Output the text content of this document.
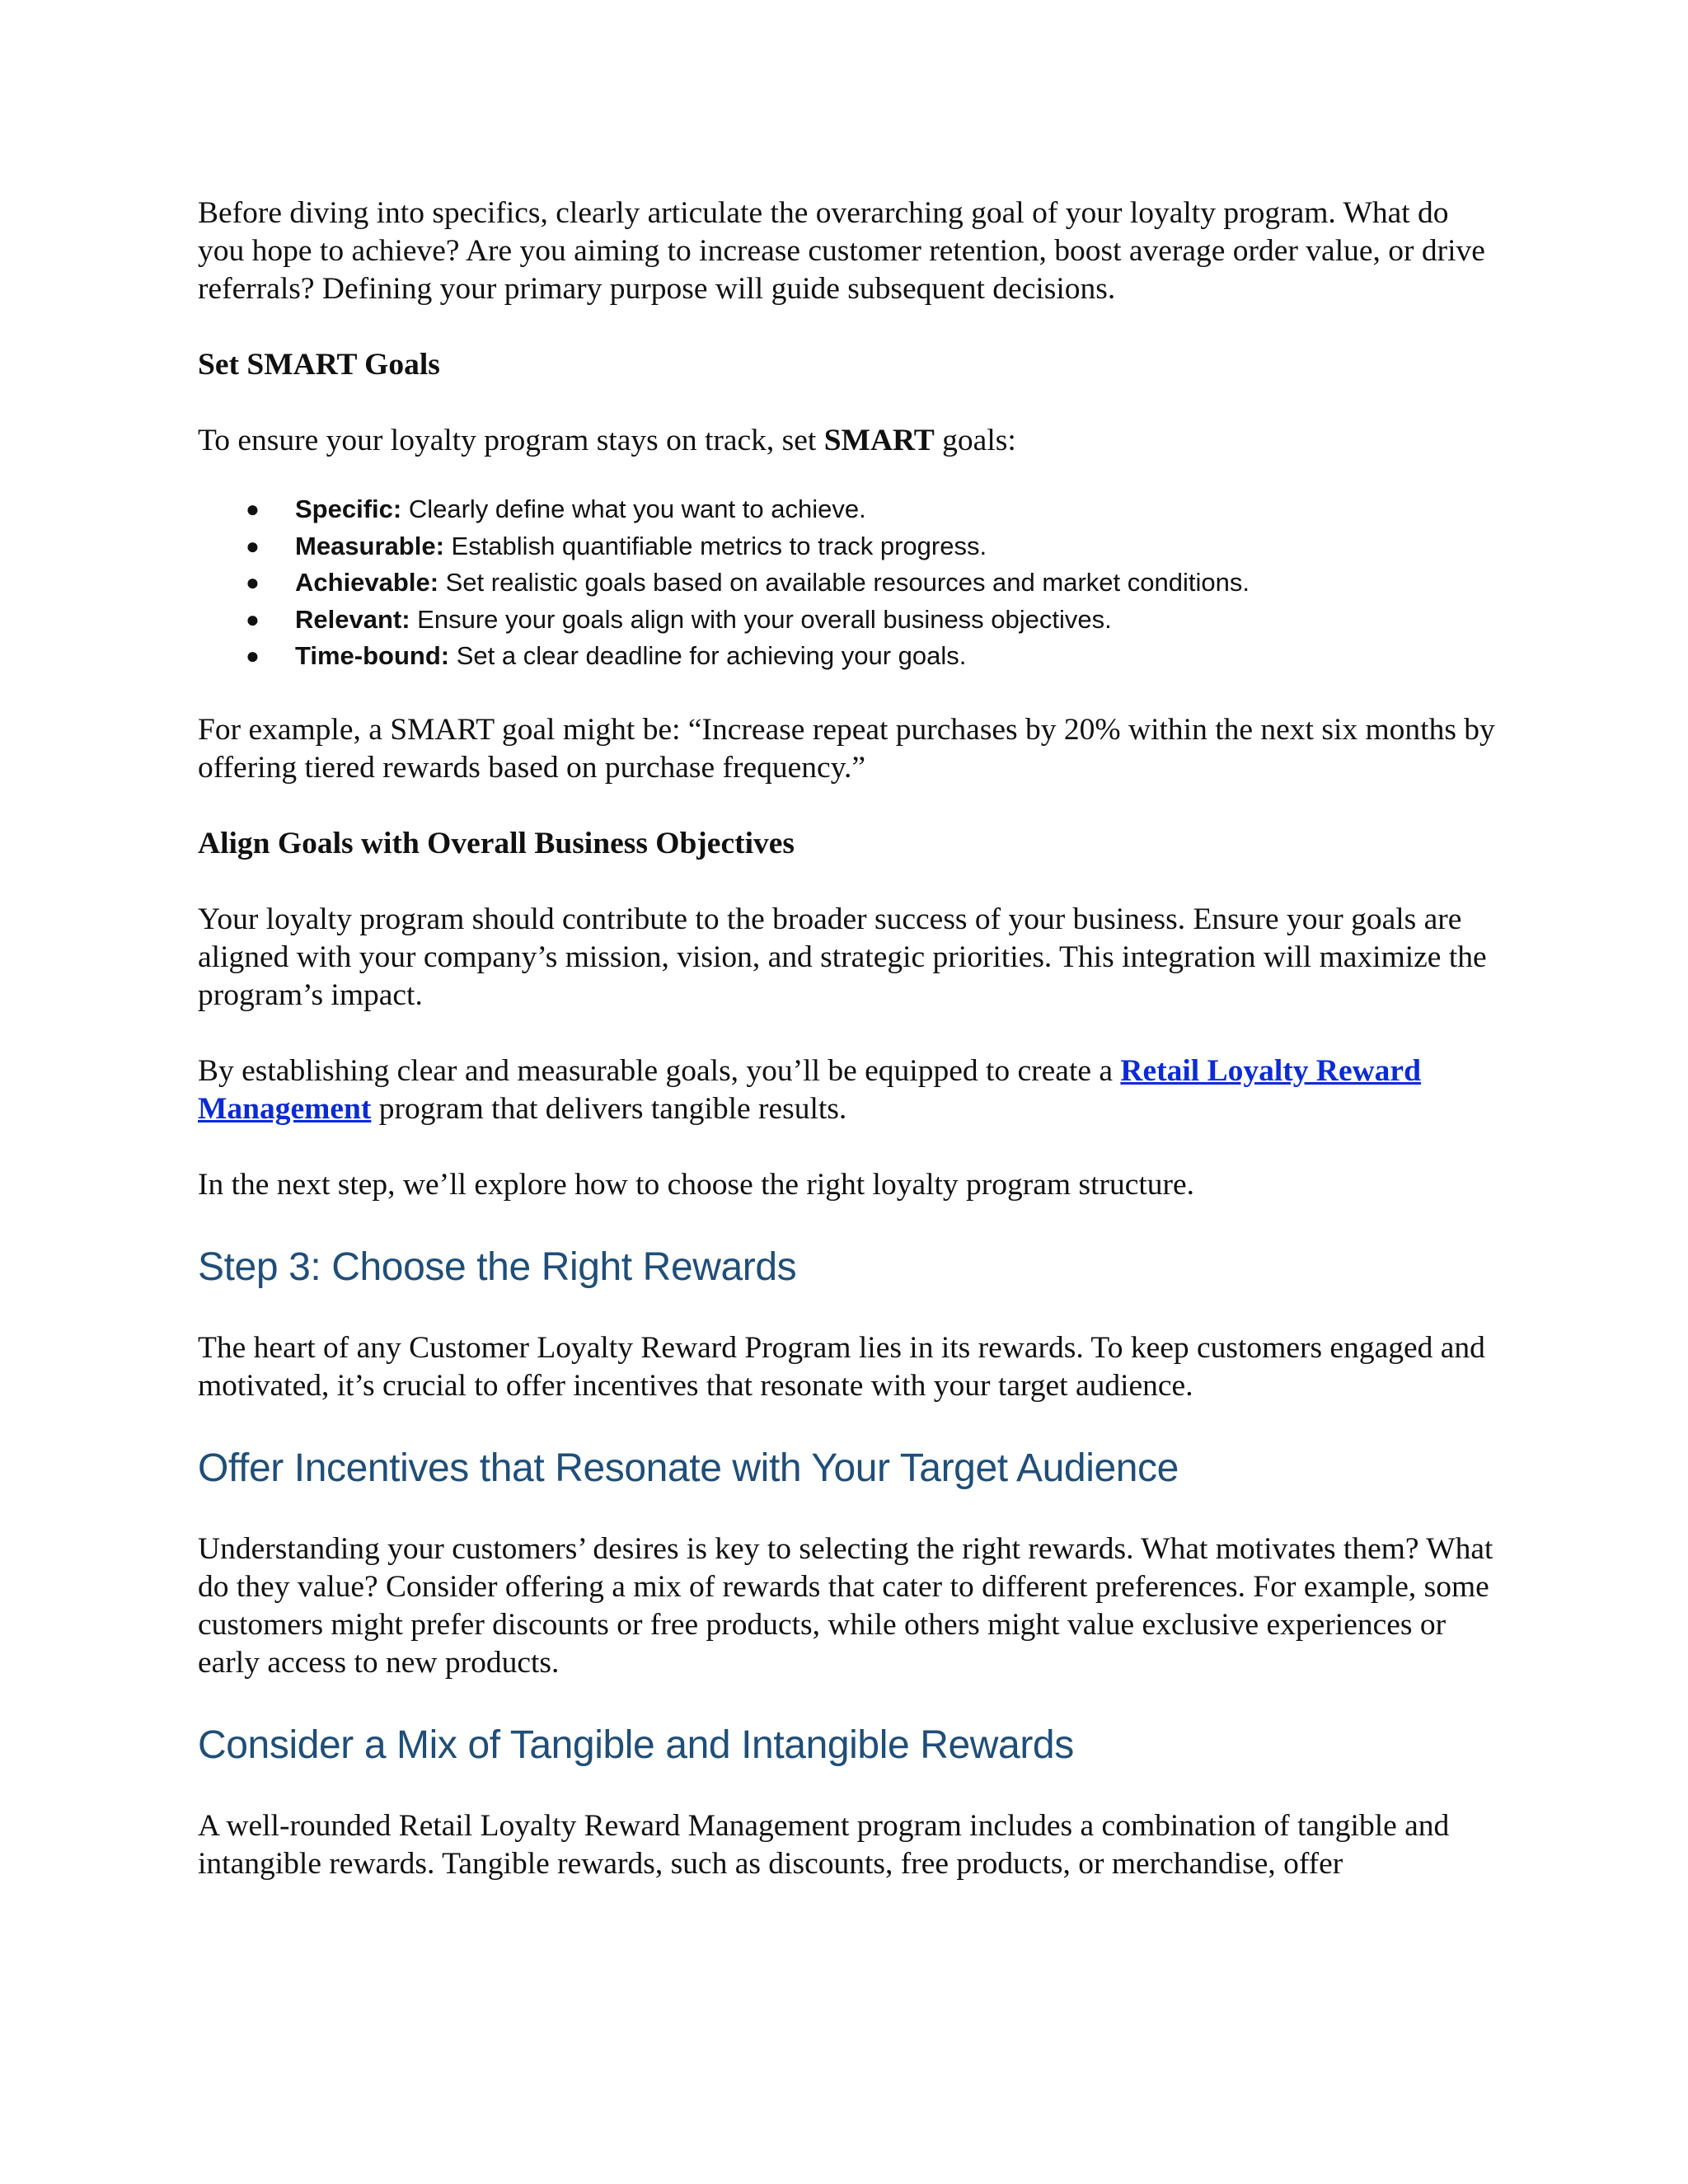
Before diving into specifics, clearly articulate the overarching goal of your loyalty program. What do you hope to achieve? Are you aiming to increase customer retention, boost average order value, or drive referrals? Defining your primary purpose will guide subsequent decisions.

Set SMART Goals

To ensure your loyalty program stays on track, set SMART goals:

● Specific: Clearly define what you want to achieve.
● Measurable: Establish quantifiable metrics to track progress.
● Achievable: Set realistic goals based on available resources and market conditions.
● Relevant: Ensure your goals align with your overall business objectives.
● Time-bound: Set a clear deadline for achieving your goals.

For example, a SMART goal might be: “Increase repeat purchases by 20% within the next six months by offering tiered rewards based on purchase frequency.”

Align Goals with Overall Business Objectives

Your loyalty program should contribute to the broader success of your business. Ensure your goals are aligned with your company’s mission, vision, and strategic priorities. This integration will maximize the program’s impact.

By establishing clear and measurable goals, you’ll be equipped to create a Retail Loyalty Reward Management program that delivers tangible results.

In the next step, we’ll explore how to choose the right loyalty program structure.

Step 3: Choose the Right Rewards

The heart of any Customer Loyalty Reward Program lies in its rewards. To keep customers engaged and motivated, it’s crucial to offer incentives that resonate with your target audience.

Offer Incentives that Resonate with Your Target Audience

Understanding your customers’ desires is key to selecting the right rewards. What motivates them? What do they value? Consider offering a mix of rewards that cater to different preferences. For example, some customers might prefer discounts or free products, while others might value exclusive experiences or early access to new products.

Consider a Mix of Tangible and Intangible Rewards

A well-rounded Retail Loyalty Reward Management program includes a combination of tangible and intangible rewards. Tangible rewards, such as discounts, free products, or merchandise, offer
